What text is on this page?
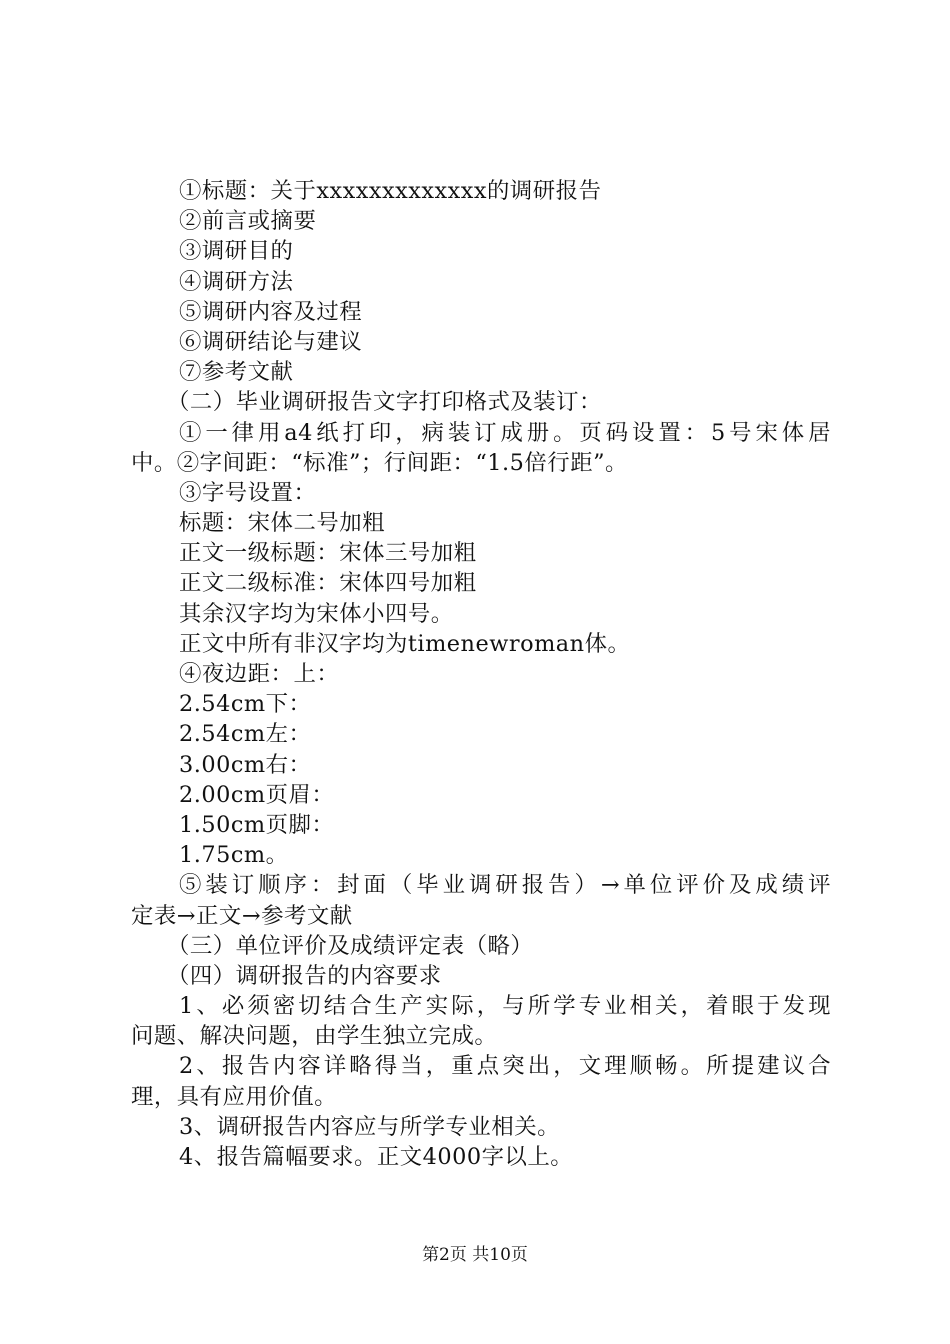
①标题：关于xxxxxxxxxxxxx的调研报告
②前言或摘要
③调研目的
④调研方法
⑤调研内容及过程
⑥调研结论与建议
⑦参考文献
（二）毕业调研报告文字打印格式及装订：
①一律用a4纸打印，病装订成册。页码设置：5号宋体居
中。②字间距：“标准”；行间距：“1.5倍行距”。
③字号设置：
标题：宋体二号加粗
正文一级标题：宋体三号加粗
正文二级标准：宋体四号加粗
其余汉字均为宋体小四号。
正文中所有非汉字均为timenewroman体。
④夜边距：上：
2.54cm下：
2.54cm左：
3.00cm右：
2.00cm页眉：
1.50cm页脚：
1.75cm。
⑤装订顺序：封面（毕业调研报告）→单位评价及成绩评
定表→正文→参考文献
（三）单位评价及成绩评定表（略）
（四）调研报告的内容要求
1、必须密切结合生产实际，与所学专业相关，着眼于发现
问题、解决问题，由学生独立完成。
2、报告内容详略得当，重点突出，文理顺畅。所提建议合
理，具有应用价值。
3、调研报告内容应与所学专业相关。
4、报告篇幅要求。正文4000字以上。
第2页 共10页
